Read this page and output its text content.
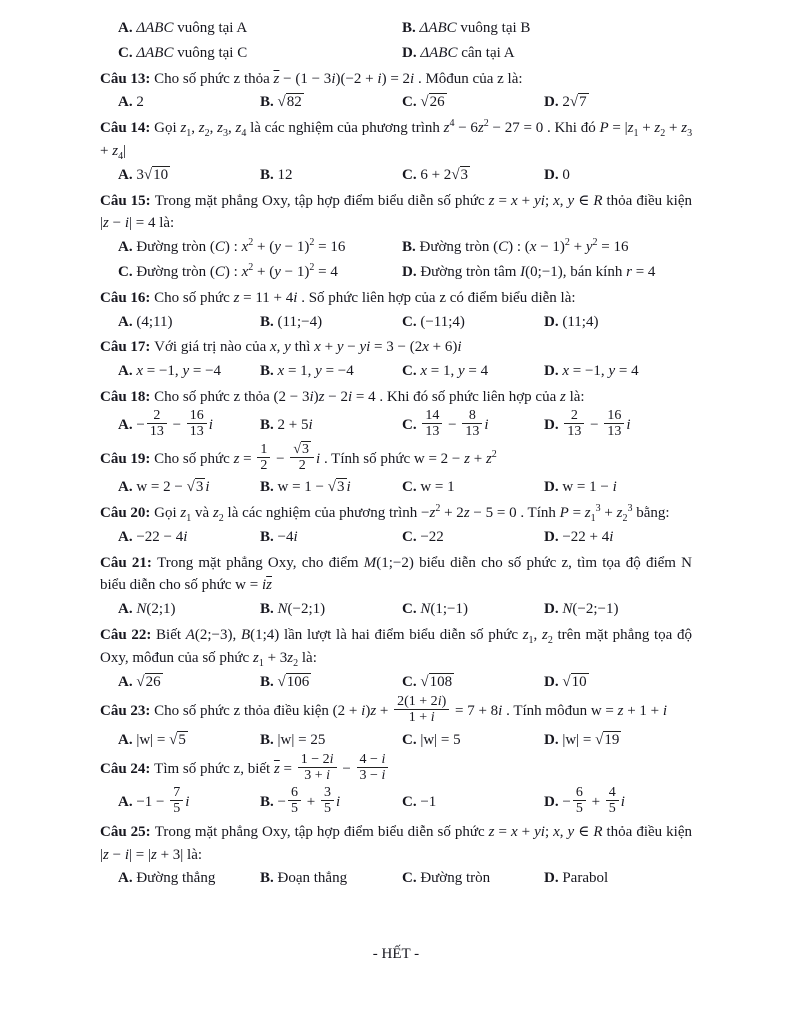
A. ΔABC vuông tại A	B. ΔABC vuông tại B
C. ΔABC vuông tại C	D. ΔABC cân tại A
Câu 13: Cho số phức z thỏa $\overline{z} - (1 - 3i)(-2 + i) = 2i$ . Môđun của z là:
A. 2	B. √82	C. √26	D. 2√7
Câu 14: Gọi $z_1$, $z_2$, $z_3$, $z_4$ là các nghiệm của phương trình $z^4 - 6z^2 - 27 = 0$ . Khi đó $P = |z_1 + z_2 + z_3 + z_4|$
A. 3√10	B. 12	C. 6 + 2√3	D. 0
Câu 15: Trong mặt phẳng Oxy, tập hợp điểm biểu diễn số phức z = x + yi; x, y ∈ R thỏa điều kiện |z − i| = 4 là:
A. Đường tròn (C) : $x^2 + (y - 1)^2 = 16$	B. Đường tròn (C) : $(x - 1)^2 + y^2 = 16$
C. Đường tròn (C) : $x^2 + (y - 1)^2 = 4$	D. Đường tròn tâm I(0;−1), bán kính r = 4
Câu 16: Cho số phức z = 11 + 4i . Số phức liên hợp của z có điểm biểu diễn là:
A. (4;11)	B. (11;−4)	C. (−11;4)	D. (11;4)
Câu 17: Với giá trị nào của x, y thì x + y − yi = 3 − (2x + 6)i
A. x = −1, y = −4	B. x = 1, y = −4	C. x = 1, y = 4	D. x = −1, y = 4
Câu 18: Cho số phức z thỏa (2 − 3i)z − 2i = 4 . Khi đó số phức liên hợp của z là:
A. − $\frac{2}{13} - \frac{16}{13}$ i	B. 2 + 5i	C. $\frac{14}{13} - \frac{8}{13}$ i	D. $\frac{2}{13} - \frac{16}{13}$ i
Câu 19: Cho số phức $z = \frac{1}{2} - \frac{√3}{2}$ i . Tính số phức $w = 2 - z + z^2$
A. w = 2 − √3 i	B. w = 1 − √3 i	C. w = 1	D. w = 1 − i
Câu 20: Gọi $z_1$ và $z_2$ là các nghiệm của phương trình $-z^2 + 2z - 5 = 0$ . Tính $P = z_1^3 + z_2^3$ bằng:
A. −22 − 4i	B. −4i	C. −22	D. −22 + 4i
Câu 21: Trong mặt phẳng Oxy, cho điểm M(1;−2) biểu diễn cho số phức z, tìm tọa độ điểm N biểu diễn cho số phức $w = i\overline{z}$
A. N(2;1)	B. N(−2;1)	C. N(1;−1)	D. N(−2;−1)
Câu 22: Biết A(2;−3), B(1;4) lần lượt là hai điểm biểu diễn số phức $z_1$, $z_2$ trên mặt phẳng tọa độ Oxy, môđun của số phức $z_1 + 3z_2$ là:
A. √26	B. √106	C. √108	D. √10
Câu 23: Cho số phức z thỏa điều kiện $(2 + i)z + \frac{2(1 + 2i)}{1 + i} = 7 + 8i$ . Tính môđun w = z + 1 + i
A. |w| = √5	B. |w| = 25	C. |w| = 5	D. |w| = √19
Câu 24: Tìm số phức z, biết $\overline{z} = \frac{1 - 2i}{3 + i} - \frac{4 - i}{3 - i}$
A. $-1 - \frac{7}{5}$ i	B. − $\frac{6}{5} + \frac{3}{5}$ i	C. −1	D. − $\frac{6}{5} + \frac{4}{5}$ i
Câu 25: Trong mặt phẳng Oxy, tập hợp điểm biểu diễn số phức z = x + yi; x, y ∈ R thỏa điều kiện |z − i| = |z + 3| là:
A. Đường thẳng	B. Đoạn thẳng	C. Đường tròn	D. Parabol
- HẾT -
